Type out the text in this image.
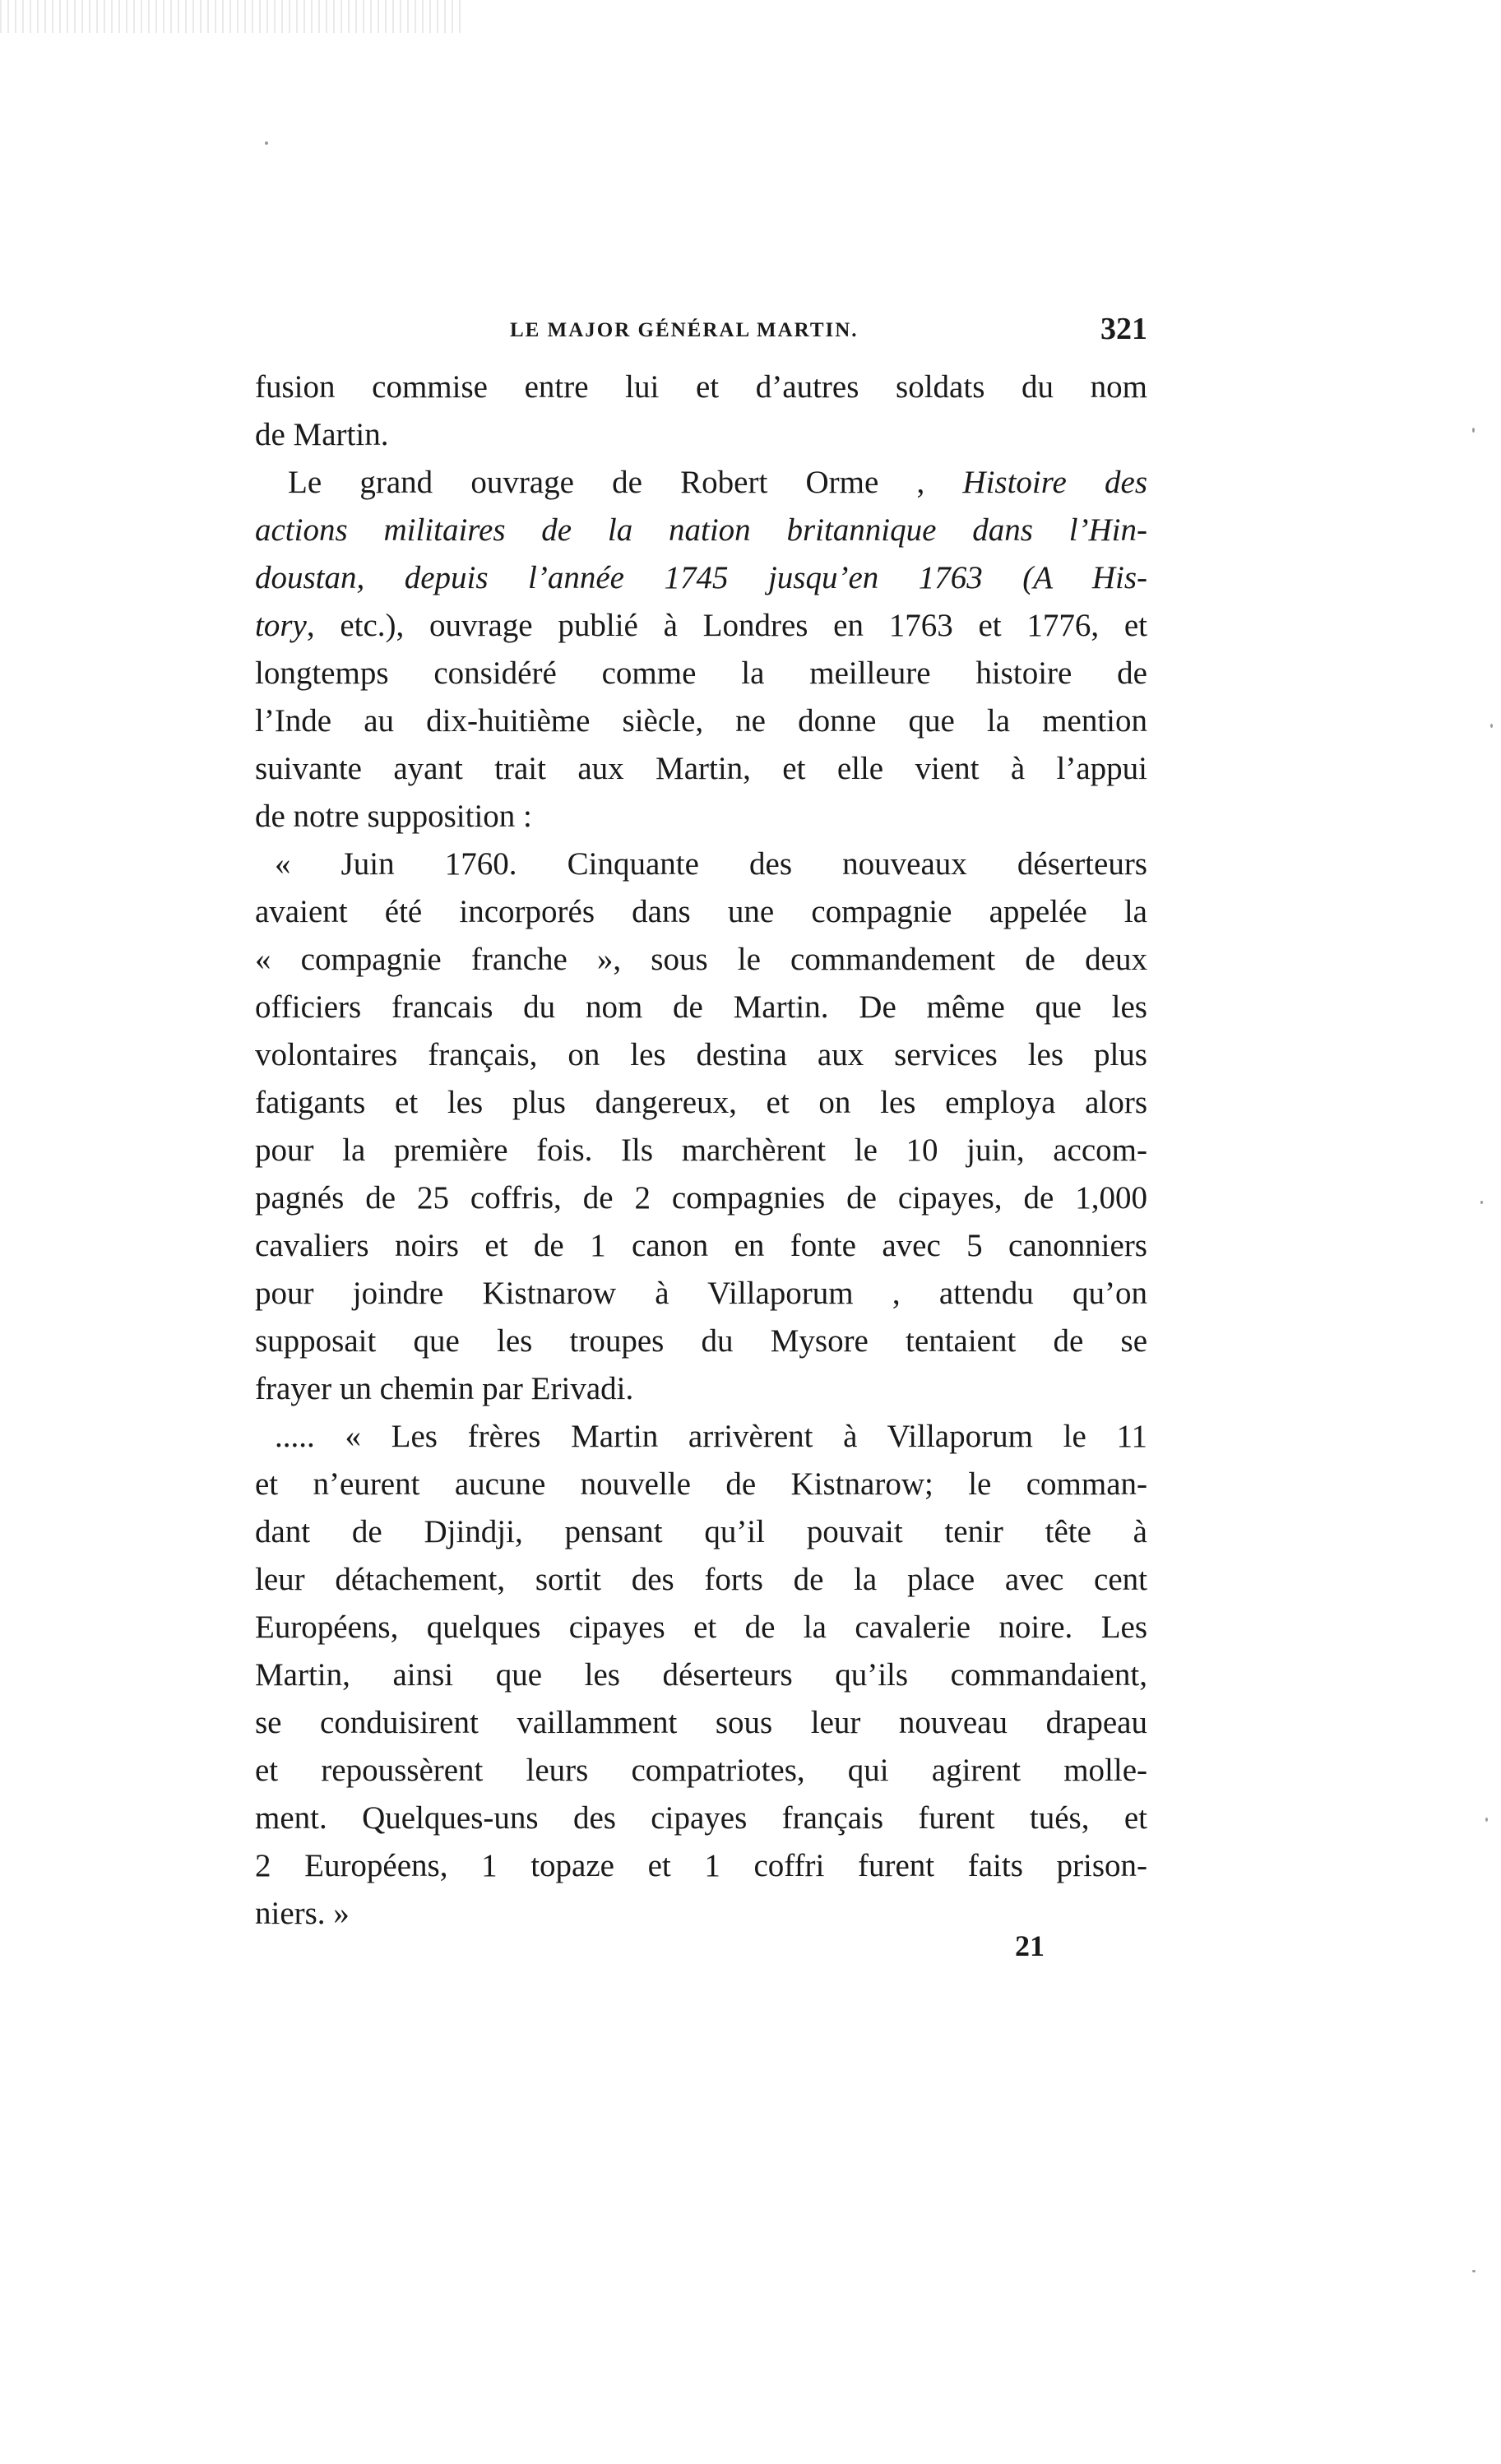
LE MAJOR GÉNÉRAL MARTIN.	321
fusion commise entre lui et d’autres soldats du nom
de Martin.
Le grand ouvrage de Robert Orme , Histoire des
actions militaires de la nation britannique dans l’Hin-
doustan, depuis l’année 1745 jusqu’en 1763 (A His-
tory, etc.), ouvrage publié à Londres en 1763 et 1776, et
longtemps considéré comme la meilleure histoire de
l’Inde au dix-huitième siècle, ne donne que la mention
suivante ayant trait aux Martin, et elle vient à l’appui
de notre supposition :
« Juin 1760. Cinquante des nouveaux déserteurs
avaient été incorporés dans une compagnie appelée la
« compagnie franche », sous le commandement de deux
officiers francais du nom de Martin. De même que les
volontaires français, on les destina aux services les plus
fatigants et les plus dangereux, et on les employa alors
pour la première fois. Ils marchèrent le 10 juin, accom-
pagnés de 25 coffris, de 2 compagnies de cipayes, de 1,000
cavaliers noirs et de 1 canon en fonte avec 5 canonniers
pour joindre Kistnarow à Villaporum , attendu qu’on
supposait que les troupes du Mysore tentaient de se
frayer un chemin par Erivadi.
..... « Les frères Martin arrivèrent à Villaporum le 11
et n’eurent aucune nouvelle de Kistnarow; le comman-
dant de Djindji, pensant qu’il pouvait tenir tête à
leur détachement, sortit des forts de la place avec cent
Européens, quelques cipayes et de la cavalerie noire. Les
Martin, ainsi que les déserteurs qu’ils commandaient,
se conduisirent vaillamment sous leur nouveau drapeau
et repoussèrent leurs compatriotes, qui agirent molle-
ment. Quelques-uns des cipayes français furent tués, et
2 Européens, 1 topaze et 1 coffri furent faits prison-
niers. »
21
